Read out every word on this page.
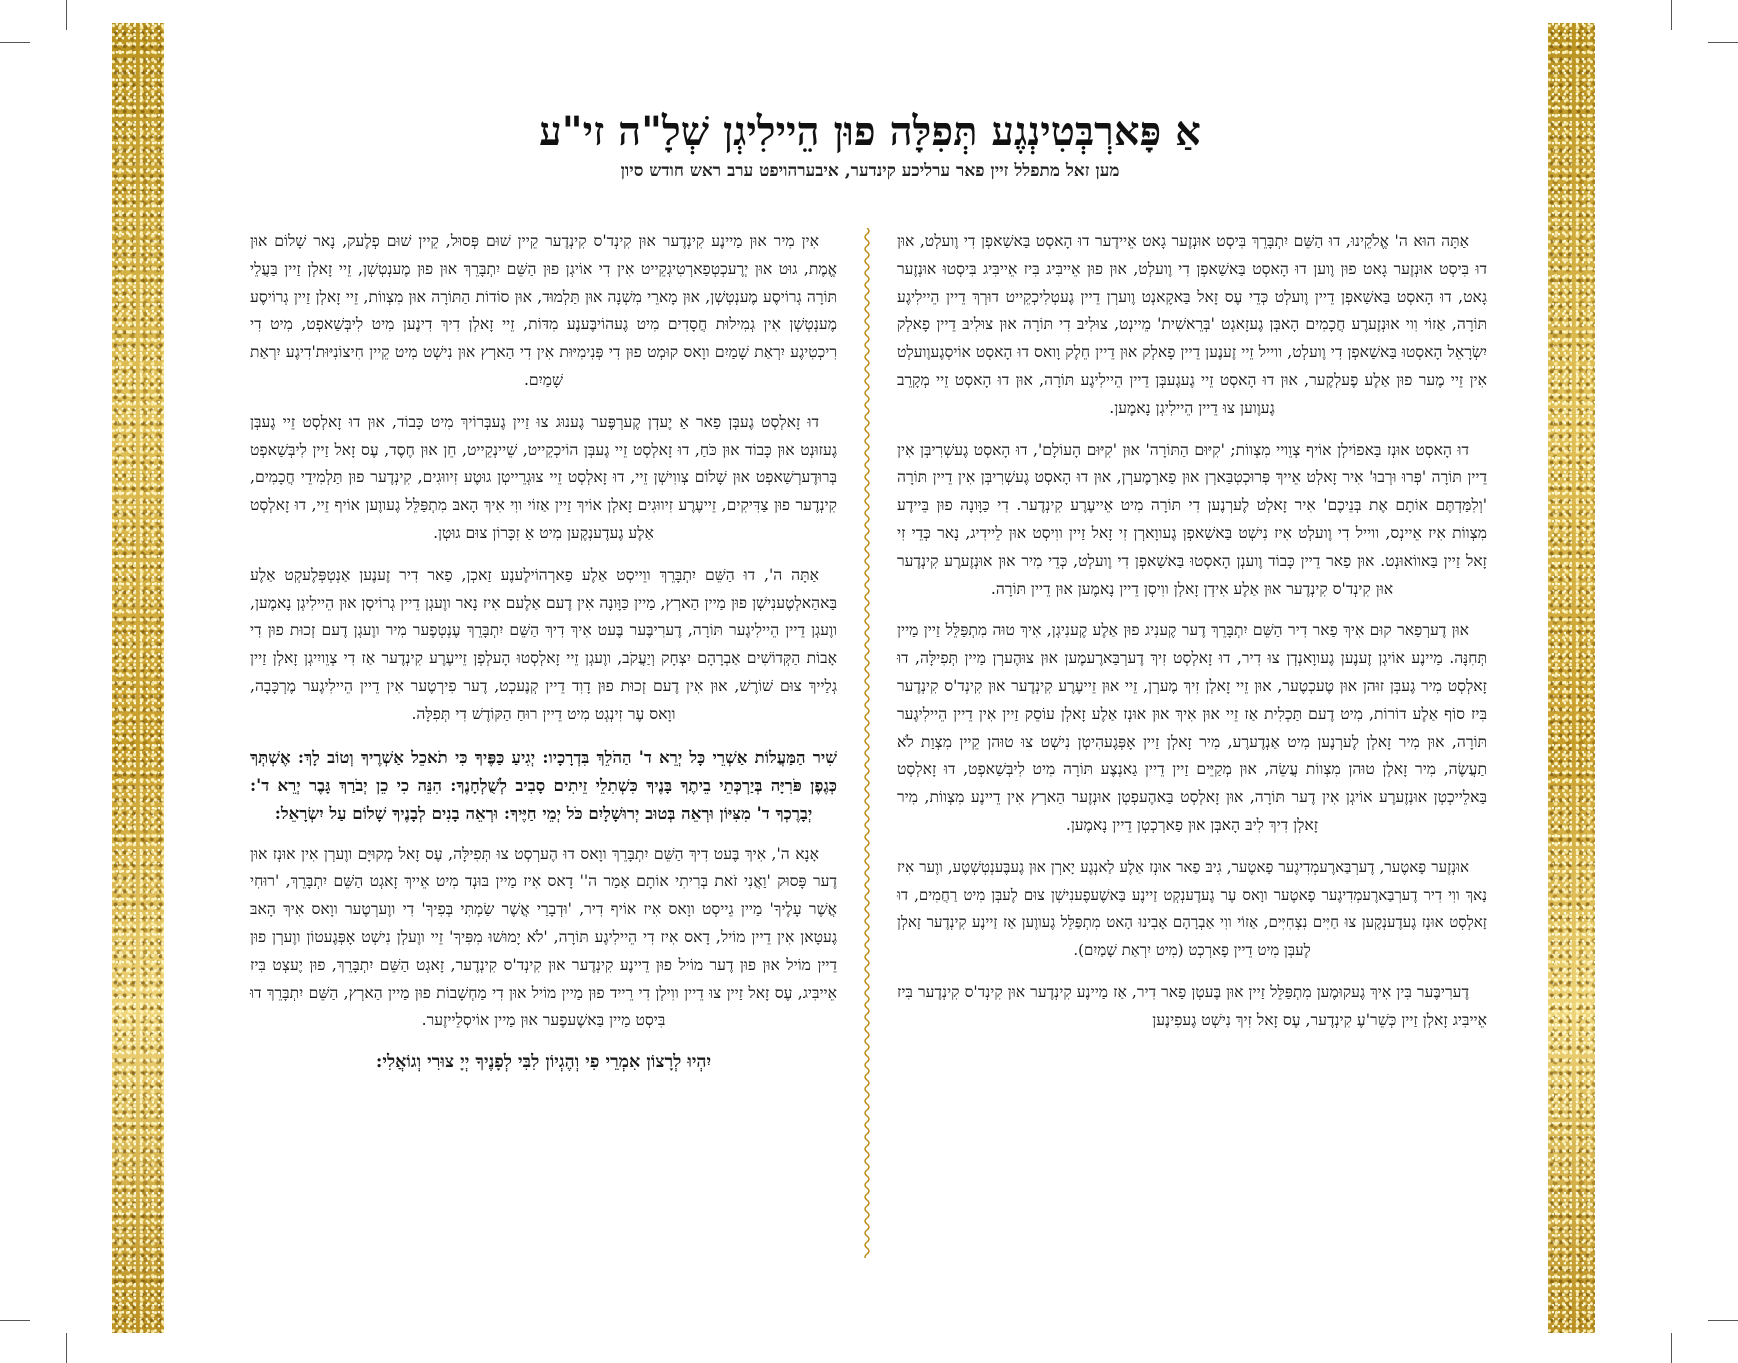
אַ פָּארְבְּטִינְגֶע תְּפִלָּה פוּן הֵיילִיגְן שְׁלָ"ה זי"ע
מען זאל מתפלל זיין פאר ערליכע קינדער, איבערהויפט ערב ראש חודש סיון

אַתָּה הוּא ה' אֱלֹקֵינוּ, דוּ הַשֵּׁם יִתְבָּרֵךְ בִּיסְט אוּנְזֶער גָאט אֵיידֶער דוּ הָאסְט בַּאשַׁאפְן דִי וֶועלְט, אוּן דוּ בִּיסְט אוּנְזֶער גָאט פוּן וֶוען דוּ הָאסְט בַּאשַׁאפְן דִי וֶועלְט, אוּן פוּן אֵייבִּיג בִּיז אֵייבִּיג בִּיסְטוּ אוּנְזֶער גָאט, דוּ הָאסְט בַּאשַׁאפְן דֵיין וֶועלְט כְּדֵי עֶס זָאל בַּאקָאנְט וֶוערְן דֵיין גֶעטְלִיכְקֵייט דוּרְךְ דֵיין הֵיילִיגֶע תּוֹרָה, אַזוֹי וִוי אוּנְזֶערֶע חֲכָמִים הָאבְּן גֶעזָאגְט 'בְּרֵאשִׁית' מֵיינְט, צוּלִיבּ דִי תּוֹרָה אוּן צוּלִיבּ דֵיין פָאלְק יִשְׂרָאֵל הָאסְטוּ בַּאשַׁאפְן דִי וֶועלְט, ווייל זֵיי זֶענֶען דֵיין פָאלְק אוּן דֵיין חֵלֶק וָואס דוּ הָאסְט אוֹיסְגֶעוֶועלְט אִין זֵיי מֶער פוּן אַלֶע פֶעלְקֶער, אוּן דוּ הָאסְט זֵיי גֶעגֶעבְּן דֵיין הֵיילִיגֶע תּוֹרָה, אוּן דוּ הָאסְט זֵיי מְקָרֵב גֶעוֶוען צוּ דֵיין הֵיילִיגְן נָאמֶען.

דוּ הָאסְט אוּנְז בַּאפוֹילְן אוֹיף צְוֵויי מִצְווֹת; 'קִיּוּם הַתּוֹרָה' אוּן 'קִיּוּם הָעוֹלָם', דוּ הָאסְט גֶעשְׁרִיבְּן אִין דֵיין תּוֹרָה 'פְּרוּ וּרְבוּ' אִיר זָאלְט אֵייךְ פְּרוּכְטְבַּארְן אוּן פַארְמֶערְן, אוּן דוּ הָאסְט גֶעשְׁרִיבְּן אִין דֵיין תּוֹרָה 'וְלִמַּדְתֶּם אוֹתָם אֶת בְּנֵיכֶם' אִיר זָאלְט לֶערְנֶען דִי תּוֹרָה מִיט אֵייעֶרֶע קִינְדֶער. דִי כַּוָּונָה פוּן בֵּיידֶע מִצְווֹת אִיז אֵיינְס, ווייל דִי וֶועלְט אִיז נִישְׁט בַּאשַׁאפְן גֶעווָארְן זִי זָאל זַיין ווִיסְט אוּן לֵיידִיג, נָאר כְּדֵי זִי זָאל זַיין בַּאווֹאוּנְט. אוּן פַאר דֵיין כָּבוֹד וֶוענְן הָאסְטוּ בַּאשַׁאפְן דִי וֶועלְט, כְּדֵי מִיר אוּן אוּנְזֶערֶע קִינְדֶער אוּן קִינְד'ס קִינְדֶער אוּן אַלֶע אִידְן זָאלְן ווִיסְן דֵיין נָאמֶען אוּן דֵיין תּוֹרָה.

אוּן דֶערְפַאר קוּם אִיךְ פַאר דִיר הַשֵּׁם יִתְבָּרֵךְ דֶער קֶענִיג פוּן אַלֶע קֶענִיגְן, אִיךְ טוּה מִתְפַּלֵּל זַיין מַיין תְּחִנָּה. מַיינֶע אוֹיגְן זֶענֶען גֶעווָאנְדְן צוּ דִיר, דוּ זָאלְסְט זִיךְ דֶערְבַּארֶעמֶען אוּן צוּהֶערְן מַיין תְּפִילָּה, דוּ זָאלְסְט מִיר גֶעבְּן זוּהן אוּן טֶעכְטֶער, אוּן זֵיי זָאלְן זִיךְ מֶערְן, זֵיי אוּן זֵייעֶרֶע קִינְדֶער אוּן קִינְד'ס קִינְדֶער בִּיז סוֹף אַלֶע דוֹרוֹת, מִיט דֶעם תַּכְלִית אַז זֵיי אוּן אִיךְ אוּן אוּנְז אַלֶע זָאלְן עוֹסֵק זַיין אִין דֵיין הֵיילִיגֶער תּוֹרָה, אוּן מִיר זָאלְן לֶערְנֶען מִיט אַנְדֶערֶע, מִיר זָאלְן זַיין אָפְּגֶעהִיטְן נִישְׁט צוּ טוּהן קֵיין מִצְוַת לֹא תַעֲשֶׂה, מִיר זָאלְן טוּהן מִצְווֹת עֲשֵׂה, אוּן מְקַיֵּים זַיין דֵיין גַאנְצֶע תּוֹרָה מִיט לִיבְּשַׁאפְט, דוּ זָאלְסְט בַּאלֵייכְטְן אוּנְזֶערֶע אוֹיגְן אִין דֶער תּוֹרָה, אוּן זָאלְסְט בַּאהֶעפְטְן אוּנְזֶער הַארְץ אִין דֵיינֶע מִצְווֹת, מִיר זָאלְן דִיךְ לִיבּ הָאבְּן אוּן פַארְכְטְן דֵיין נָאמֶען.

אוּנְזֶער פָאטֶער, דֶערְבַּארֶעמְדִיגֶער פָאטֶער, גִיבּ פַאר אוּנְז אַלֶע לַאנְגֶע יָארְן אוּן גֶעבֶּענְטְשְׁטֶע, ווֶער אִיז נָאךְ ווִי דִיר דֶערְבַּארֶעמְדִיגֶער פָאטֶער ווָאס עֶר גֶעדֶענְקְט זַיינֶע בַּאשֶׁעפֶענִישְׁן צוּם לֶעבְּן מִיט רַחֲמִים, דוּ זָאלְסְט אוּנְז גֶעדֶענְקֶען צוּ חַיִּים נִצְחִיִּים, אַזוֹי ווִי אַבְרָהָם אָבִינוּ הָאט מִתְפַּלֵּל גֶעווֶען אַז זַיינֶע קִינְדֶער זָאלְן לֶעבְּן מִיט דֵיין פָארְכְט (מִיט יִרְאַת שָׁמַיִם).

דֶערִיבֶּער בִּין אִיךְ גֶעקוּמֶען מִתְפַּלֵּל זַיין אוּן בֶּעטְן פַאר דִיר, אַז מַיינֶע קִינְדֶער אוּן קִינְד'ס קִינְדֶער בִּיז אֵייבִּיג זָאלְן זַיין כְּשֵׁר'עֶ קִינְדֶער, עֶס זָאל זִיךְ נִישְׁט גֶעפִינֶען

אִין מִיר אוּן מַיינֶע קִינְדֶער אוּן קִינְד'ס קִינְדֶער קֵיין שׁוּם פְּסוּל, קֵיין שׁוּם פְלֶעק, נָאר שָׁלוֹם אוּן אֱמֶת, גוּט אוּן יְרֶעכְטְפַארְטִיגְקֵייט אִין דִי אוֹיגְן פוּן הַשֵּׁם יִתְבָּרֵךְ אוּן פוּן מֶענְטְשְׁן, זֵיי זָאלְן זַיין בַּעֲלֵי תּוֹרָה גְרוֹיסֶע מֶענְטְשְׁן, אוּן מָארֵי מִשְׁנָה אוּן תַּלְמוּד, אוּן סוֹדוֹת הַתּוֹרָה אוּן מִצְווֹת, זֵיי זָאלְן זַיין גְרוֹיסֶע מֶענְטְשְׁן אִין גְמִילוּת חֲסָדִים מִיט גֶעהוֹיבֶּענֶע מִדּוֹת, זֵיי זָאלְן דִיךְ דִינֶען מִיט לִיבְּשַׁאפְט, מִיט דִי רִיכְטִיגֶע יִרְאַת שָׁמַיִם ווָאס קוּמְט פוּן דִי פְּנִימִיּוּת אִין דִי הַארְץ אוּן נִישְׁט מִיט קֵיין חִיצוֹנִיּוּת'דִיגֶע יִרְאַת שָׁמַיִם.

דוּ זָאלְסְט גֶעבְּן פַאר אַ יֶעדְן קֶערְפֶּער גֶענוּג צוּ זַיין גֶעבְּרוֹיךְ מִיט כָּבוֹד, אוּן דוּ זָאלְסְט זֵיי גֶעבְּן גֶעזוּנְט אוּן כָּבוֹד אוּן כֹּחַ, דוּ זָאלְסְט זֵיי גֶעבְּן הוֹיכְקֵייט, שֵׁיינְקֵייט, חֵן אוּן חֶסֶד, עֶס זָאל זַיין לִיבְּשַׁאפְט בְּרוּדֶערְשַׁאפְט אוּן שָׁלוֹם צְווִישְׁן זֵיי, דוּ זָאלְסְט זֵיי צוּגְרֵייטְן גוּטֶע זִיווּגִים, קִינְדֶער פוּן תַּלְמִידֵי חֲכָמִים, קִינְדֶער פוּן צַדִּיקִים, זֵייעֶרֶע זִיווּגִים זָאלְן אוֹיךְ זַיין אַזוֹי ווִי אִיךְ הָאבּ מִתְפַּלֵּל גֶעווֶען אוֹיף זֵיי, דוּ זָאלְסְט אַלֶע גֶעדֶענְקֶען מִיט אַ זִכָּרוֹן צוּם גוּטְן.

אַתָּה ה', דוּ הַשֵּׁם יִתְבָּרֵךְ ווֵייסְט אַלֶע פַארְהוֹילֶענֶע זַאכְן, פַאר דִיר זֶענֶען אַנְטְפְּלֶעקְט אַלֶע בַּאהַאלְטֶענִישְׁן פוּן מַיין הַארְץ, מַיין כַּוָּונָה אִין דֶעם אַלֶעם אִיז נָאר ווֶעגְן דֵיין גְרוֹיסְן אוּן הֵיילִיגְן נָאמֶען, ווֶעגְן דֵיין הֵיילִיגֶער תּוֹרָה, דֶערִיבֶּער בֶּעט אִיךְ דִיךְ הַשֵּׁם יִתְבָּרֵךְ עֶנְטְפֶער מִיר ווֶעגְן דֶעם זְכוּת פוּן דִי אָבוֹת הַקְּדוֹשִׁים אַבְרָהָם יִצְחָק וְיַעֲקֹב, ווֶעגְן זֵיי זָאלְסְטוּ הָעלְפְן זֵייעֶרֶע קִינְדֶער אַז דִי צְוֵויִיגְן זָאלְן זַיין גְלַייךְ צוּם שׁוֹרֶשׁ, אוּן אִין דֶעם זְכוּת פוּן דָוִד דֵיין קְנֶעכְט, דֶער פִירְטֶער אִין דֵיין הֵיילִיגֶער מֶרְכָּבָה, ווָאס עֶר זִינְגְט מִיט דֵיין רוּחַ הַקּוֹדֶשׁ דִי תְּפִלָּה.

שִׁיר הַמַּעֲלוֹת אַשְׁרֵי כָּל יְרֵא ד' הַהֹלֵךְ בִּדְרָכָיו: יְגִיעַ כַּפֶּיךָ כִּי תֹאכֵל אַשְׁרֶיךָ וְטוֹב לָךְ: אֶשְׁתְּךָ כְּגֶפֶן פֹּרִיָּה בְּיַרְכְּתֵי בֵיתֶךָ בָּנֶיךָ כִּשְׁתִלֵי זֵיתִים סָבִיב לְשֻׁלְחָנֶךָ: הִנֵּה כִי כֵן יְבֹרַךְ גָּבֶר יְרֵא ד': יְבָרֶכְךָ ד' מִצִּיּוֹן וּרְאֵה בְּטוּב יְרוּשָׁלָיִם כֹּל יְמֵי חַיֶּיךָ: וּרְאֵה בָנִים לְבָנֶיךָ שָׁלוֹם עַל יִשְׂרָאֵל:

אָנָא ה', אִיךְ בֶּעט דִיךְ הַשֵּׁם יִתְבָּרֵךְ ווָאס דוּ הֶערְסְט צוּ תְּפִילָּה, עֶס זָאל מְקוּיָּם ווֶערְן אִין אוּנְז אוּן דֶער פָּסוּק 'וַאֲנִי זֹאת בְּרִיתִי אוֹתָם אָמַר ה'' דָאס אִיז מַיין בּוּנְד מִיט אֵייךְ זָאגְט הַשֵּׁם יִתְבָּרֵךְ, 'רוּחִי אֲשֶׁר עָלֶיךָ' מַיין גֵייסְט ווָאס אִיז אוֹיף דִיר, 'וּדְבָרַי אֲשֶׁר שַׂמְתִּי בְּפִיךָ' דִי ווֶערְטֶער ווָאס אִיךְ הָאבּ גֶעטָאן אִין דֵיין מוֹיל, דָאס אִיז דִי הֵיילִיגֶע תּוֹרָה, 'לֹא יָמוּשׁוּ מִפִּיךָ' זֵיי ווֶעלְן נִישְׁט אָפְּגֶעטוֹן ווֶערְן פוּן דֵיין מוֹיל אוּן פוּן דֶער מוֹיל פוּן דֵיינֶע קִינְדֶער אוּן קִינְד'ס קִינְדֶער, זָאגְט הַשֵּׁם יִתְבָּרֵךְ, פוּן יֶעצְט בִּיז אֵייבִּיג, עֶס זָאל זַיין צוּ דֵיין ווִילְן דִי רֵייד פוּן מַיין מוֹיל אוּן דִי מַחְשָׁבוֹת פוּן מַיין הַארְץ, הַשֵּׁם יִתְבָּרֵךְ דוּ בִּיסְט מַיין בַּאשֶׁעפֶער אוּן מַיין אוֹיסְלֵייזֶער.

יִהְיוּ לְרָצוֹן אִמְרֵי פִי וְהֶגְיוֹן לִבִּי לְפָנֶיךָ יְיָ צוּרִי וְגוֹאֲלִי:
